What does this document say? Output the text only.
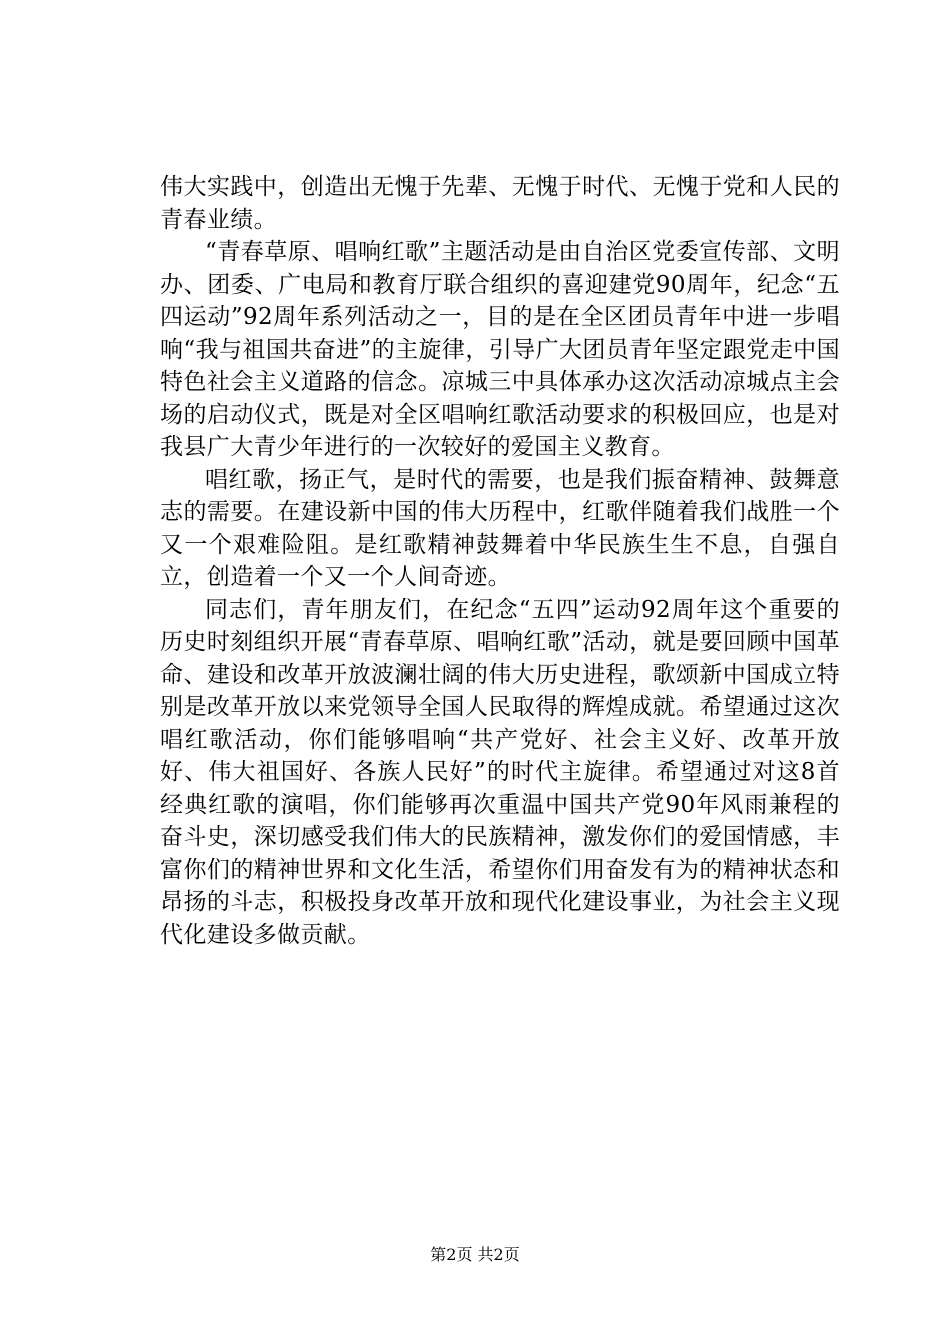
伟大实践中，创造出无愧于先辈、无愧于时代、无愧于党和人民的青春业绩。

“青春草原、唱响红歌”主题活动是由自治区党委宣传部、文明办、团委、广电局和教育厅联合组织的喜迎建党90周年，纪念“五四运动”92周年系列活动之一，目的是在全区团员青年中进一步唱响“我与祖国共奋进”的主旋律，引导广大团员青年坚定跟党走中国特色社会主义道路的信念。凉城三中具体承办这次活动凉城点主会场的启动仪式，既是对全区唱响红歌活动要求的积极回应，也是对我县广大青少年进行的一次较好的爱国主义教育。

唱红歌，扬正气，是时代的需要，也是我们振奋精神、鼓舞意志的需要。在建设新中国的伟大历程中，红歌伴随着我们战胜一个又一个艰难险阻。是红歌精神鼓舞着中华民族生生不息，自强自立，创造着一个又一个人间奇迹。

同志们，青年朋友们，在纪念“五四”运动92周年这个重要的历史时刻组织开展“青春草原、唱响红歌”活动，就是要回顾中国革命、建设和改革开放波澜壮阔的伟大历史进程，歌颂新中国成立特别是改革开放以来党领导全国人民取得的辉煌成就。希望通过这次唱红歌活动，你们能够唱响“共产党好、社会主义好、改革开放好、伟大祖国好、各族人民好”的时代主旋律。希望通过对这8首经典红歌的演唱，你们能够再次重温中国共产党90年风雨兼程的奋斗史，深切感受我们伟大的民族精神，激发你们的爱国情感，丰富你们的精神世界和文化生活，希望你们用奋发有为的精神状态和昂扬的斗志，积极投身改革开放和现代化建设事业，为社会主义现代化建设多做贡献。

第2页 共2页
